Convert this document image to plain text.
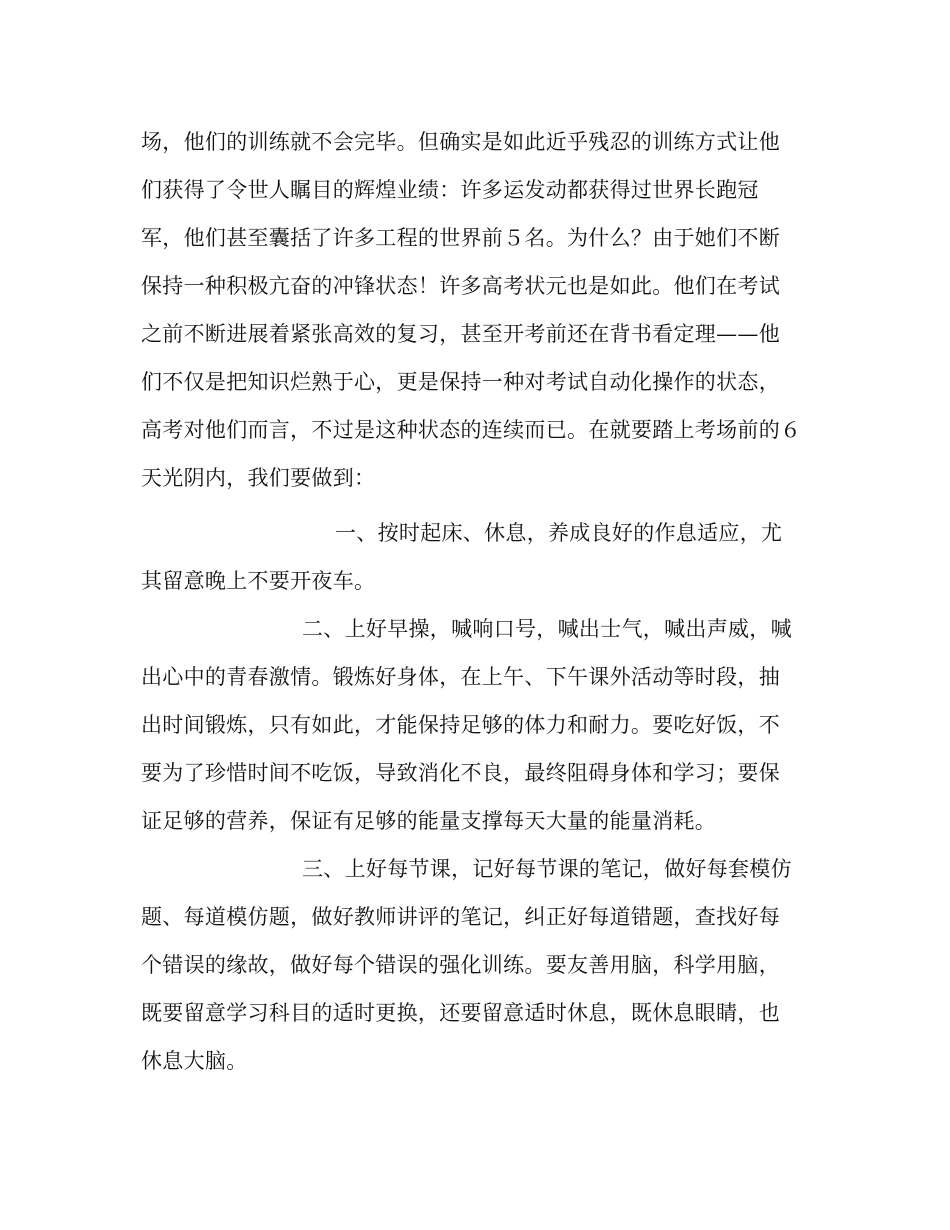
场，他们的训练就不会完毕。但确实是如此近乎残忍的训练方式让他
们获得了令世人瞩目的辉煌业绩：许多运发动都获得过世界长跑冠
军，他们甚至囊括了许多工程的世界前５名。为什么？由于她们不断
保持一种积极亢奋的冲锋状态！许多高考状元也是如此。他们在考试
之前不断进展着紧张高效的复习，甚至开考前还在背书看定理——他
们不仅是把知识烂熟于心，更是保持一种对考试自动化操作的状态，
高考对他们而言，不过是这种状态的连续而已。在就要踏上考场前的６
天光阴内，我们要做到：
一、按时起床、休息，养成良好的作息适应，尤
其留意晚上不要开夜车。
二、上好早操，喊响口号，喊出士气，喊出声威，喊
出心中的青春激情。锻炼好身体，在上午、下午课外活动等时段，抽
出时间锻炼，只有如此，才能保持足够的体力和耐力。要吃好饭，不
要为了珍惜时间不吃饭，导致消化不良，最终阻碍身体和学习；要保
证足够的营养，保证有足够的能量支撑每天大量的能量消耗。
三、上好每节课，记好每节课的笔记，做好每套模仿
题、每道模仿题，做好教师讲评的笔记，纠正好每道错题，查找好每
个错误的缘故，做好每个错误的强化训练。要友善用脑，科学用脑，
既要留意学习科目的适时更换，还要留意适时休息，既休息眼睛，也
休息大脑。
